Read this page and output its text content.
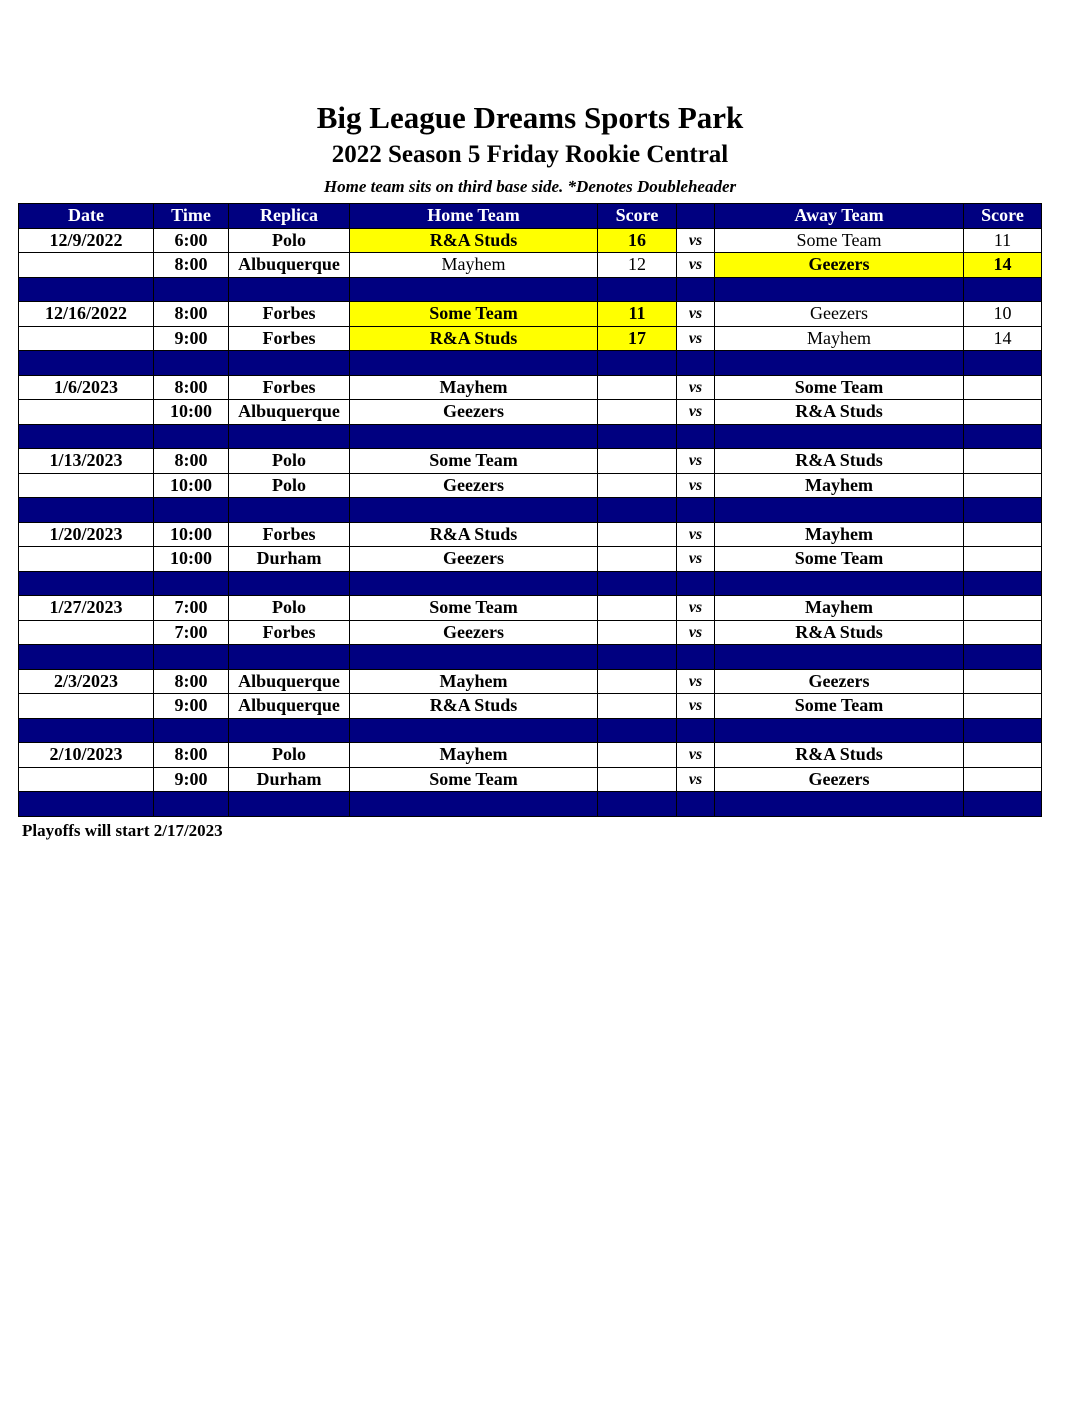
Big League Dreams Sports Park
2022 Season 5 Friday Rookie Central
Home team sits on third base side. *Denotes Doubleheader
Date	Time	Replica	Home Team	Score		Away Team	Score
12/9/2022	6:00	Polo	R&A Studs	16	vs	Some Team	11
	8:00	Albuquerque	Mayhem	12	vs	Geezers	14

12/16/2022	8:00	Forbes	Some Team	11	vs	Geezers	10
	9:00	Forbes	R&A Studs	17	vs	Mayhem	14

1/6/2023	8:00	Forbes	Mayhem		vs	Some Team	
	10:00	Albuquerque	Geezers		vs	R&A Studs	

1/13/2023	8:00	Polo	Some Team		vs	R&A Studs	
	10:00	Polo	Geezers		vs	Mayhem	

1/20/2023	10:00	Forbes	R&A Studs		vs	Mayhem	
	10:00	Durham	Geezers		vs	Some Team	

1/27/2023	7:00	Polo	Some Team		vs	Mayhem	
	7:00	Forbes	Geezers		vs	R&A Studs	

2/3/2023	8:00	Albuquerque	Mayhem		vs	Geezers	
	9:00	Albuquerque	R&A Studs		vs	Some Team	

2/10/2023	8:00	Polo	Mayhem		vs	R&A Studs	
	9:00	Durham	Some Team		vs	Geezers	

Playoffs will start 2/17/2023
